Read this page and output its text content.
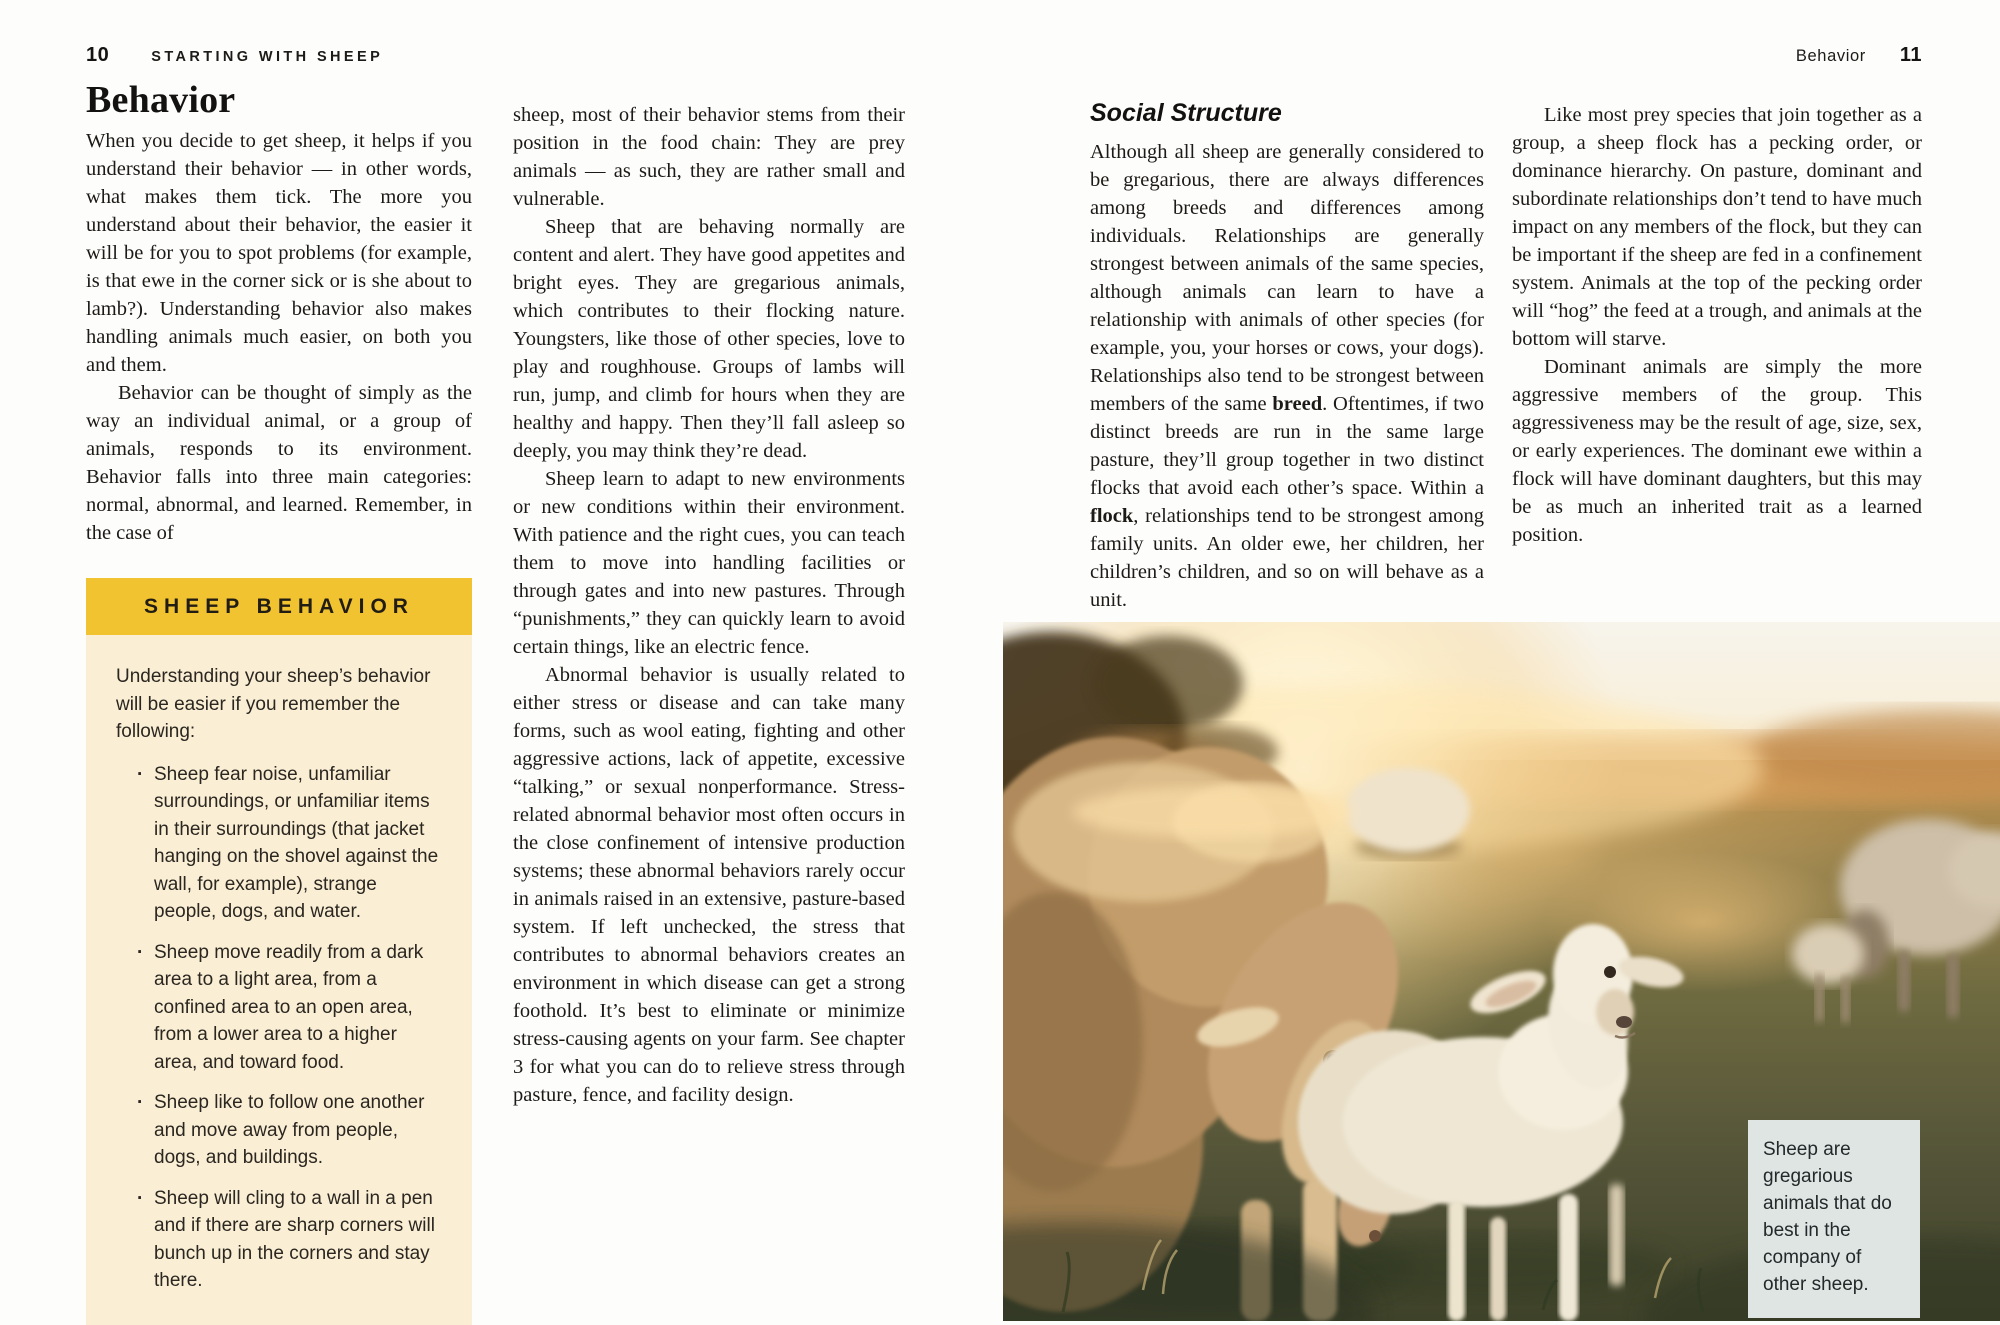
10	STARTING WITH SHEEP	Behavior 11
Behavior

When you decide to get sheep, it helps if you understand their behavior — in other words, what makes them tick. The more you understand about their behavior, the easier it will be for you to spot problems (for example, is that ewe in the corner sick or is she about to lamb?). Understanding behavior also makes handling animals much easier, on both you and them.

Behavior can be thought of simply as the way an individual animal, or a group of animals, responds to its environment. Behavior falls into three main categories: normal, abnormal, and learned. Remember, in the case of

sheep, most of their behavior stems from their position in the food chain: They are prey animals — as such, they are rather small and vulnerable.

Sheep that are behaving normally are content and alert. They have good appetites and bright eyes. They are gregarious animals, which contributes to their flocking nature. Youngsters, like those of other species, love to play and roughhouse. Groups of lambs will run, jump, and climb for hours when they are healthy and happy. Then they’ll fall asleep so deeply, you may think they’re dead.

Sheep learn to adapt to new environments or new conditions within their environment. With patience and the right cues, you can teach them to move into handling facilities or through gates and into new pastures. Through “punishments,” they can quickly learn to avoid certain things, like an electric fence.

Abnormal behavior is usually related to either stress or disease and can take many forms, such as wool eating, fighting and other aggressive actions, lack of appetite, excessive “talking,” or sexual nonperformance. Stress-related abnormal behavior most often occurs in the close confinement of intensive production systems; these abnormal behaviors rarely occur in animals raised in an extensive, pasture-based system. If left unchecked, the stress that contributes to abnormal behaviors creates an environment in which disease can get a strong foothold. It’s best to eliminate or minimize stress-causing agents on your farm. See chapter 3 for what you can do to relieve stress through pasture, fence, and facility design.

SHEEP BEHAVIOR

Understanding your sheep’s behavior will be easier if you remember the following:

· Sheep fear noise, unfamiliar surroundings, or unfamiliar items in their surroundings (that jacket hanging on the shovel against the wall, for example), strange people, dogs, and water.
· Sheep move readily from a dark area to a light area, from a confined area to an open area, from a lower area to a higher area, and toward food.
· Sheep like to follow one another and move away from people, dogs, and buildings.
· Sheep will cling to a wall in a pen and if there are sharp corners will bunch up in the corners and stay there.
Social Structure

Although all sheep are generally considered to be gregarious, there are always differences among breeds and differences among individuals. Relationships are generally strongest between animals of the same species, although animals can learn to have a relationship with animals of other species (for example, you, your horses or cows, your dogs). Relationships also tend to be strongest between members of the same breed. Oftentimes, if two distinct breeds are run in the same large pasture, they’ll group together in two distinct flocks that avoid each other’s space. Within a flock, relationships tend to be strongest among family units. An older ewe, her children, her children’s children, and so on will behave as a unit.

Like most prey species that join together as a group, a sheep flock has a pecking order, or dominance hierarchy. On pasture, dominant and subordinate relationships don’t tend to have much impact on any members of the flock, but they can be important if the sheep are fed in a confinement system. Animals at the top of the pecking order will “hog” the feed at a trough, and animals at the bottom will starve.

Dominant animals are simply the more aggressive members of the group. This aggressiveness may be the result of age, size, sex, or early experiences. The dominant ewe within a flock will have dominant daughters, but this may be as much an inherited trait as a learned position.

Sheep are gregarious animals that do best in the company of other sheep.
